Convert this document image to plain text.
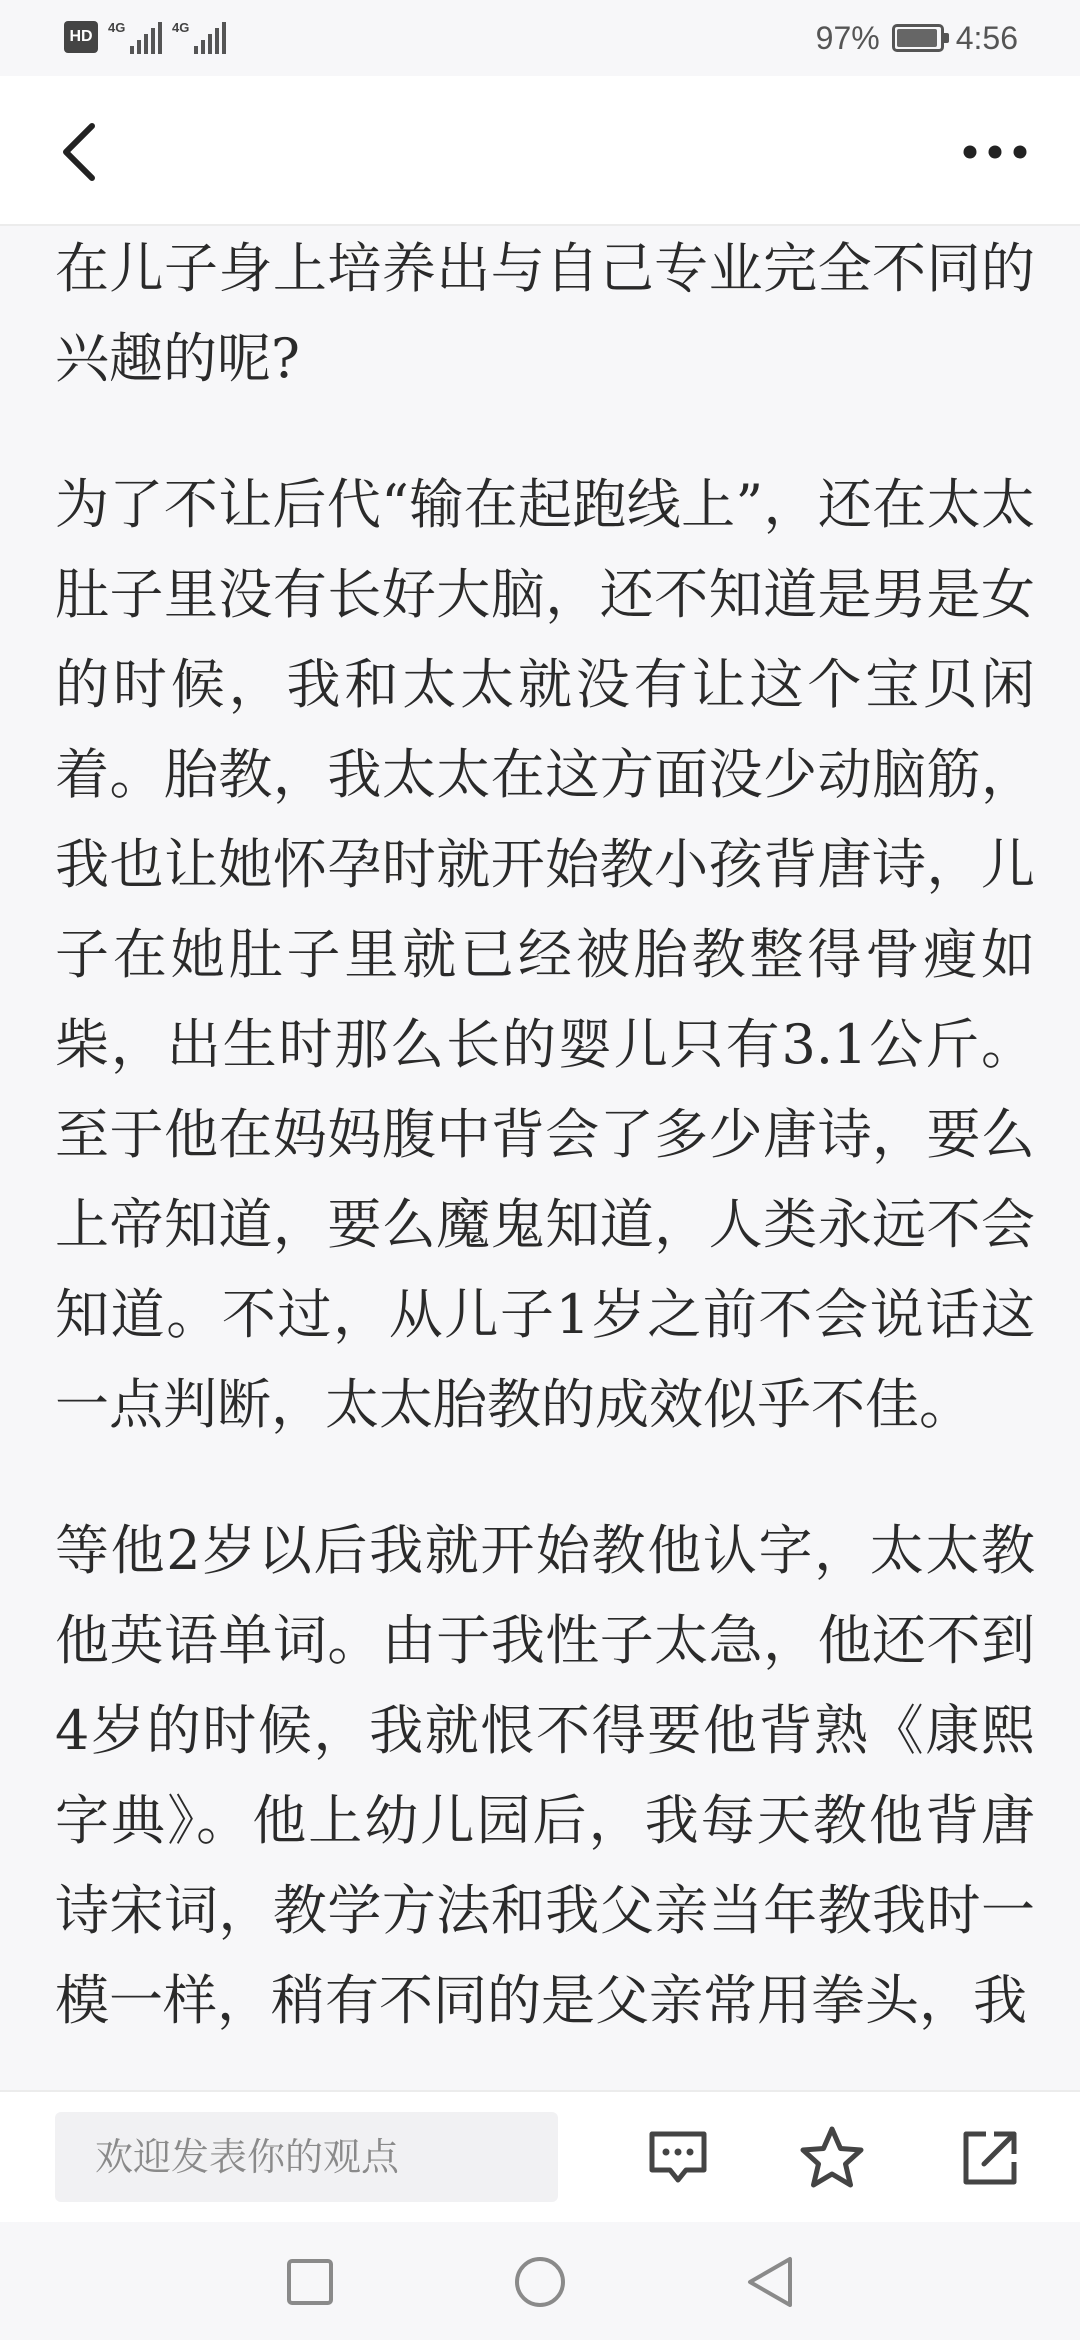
HD
4G	4G	97% 4:56

在儿子身上培养出与自己专业完全不同的兴趣的呢?

为了不让后代“输在起跑线上”，还在太太肚子里没有长好大脑，还不知道是男是女的时候，我和太太就没有让这个宝贝闲着。胎教，我太太在这方面没少动脑筋，我也让她怀孕时就开始教小孩背唐诗，儿子在她肚子里就已经被胎教整得骨瘦如柴，出生时那么长的婴儿只有3.1公斤。至于他在妈妈腹中背会了多少唐诗，要么上帝知道，要么魔鬼知道，人类永远不会知道。不过，从儿子1岁之前不会说话这一点判断，太太胎教的成效似乎不佳。

等他2岁以后我就开始教他认字，太太教他英语单词。由于我性子太急，他还不到4岁的时候，我就恨不得要他背熟《康熙字典》。他上幼儿园后，我每天教他背唐诗宋词，教学方法和我父亲当年教我时一模一样，稍有不同的是父亲常用拳头，我

欢迎发表你的观点
